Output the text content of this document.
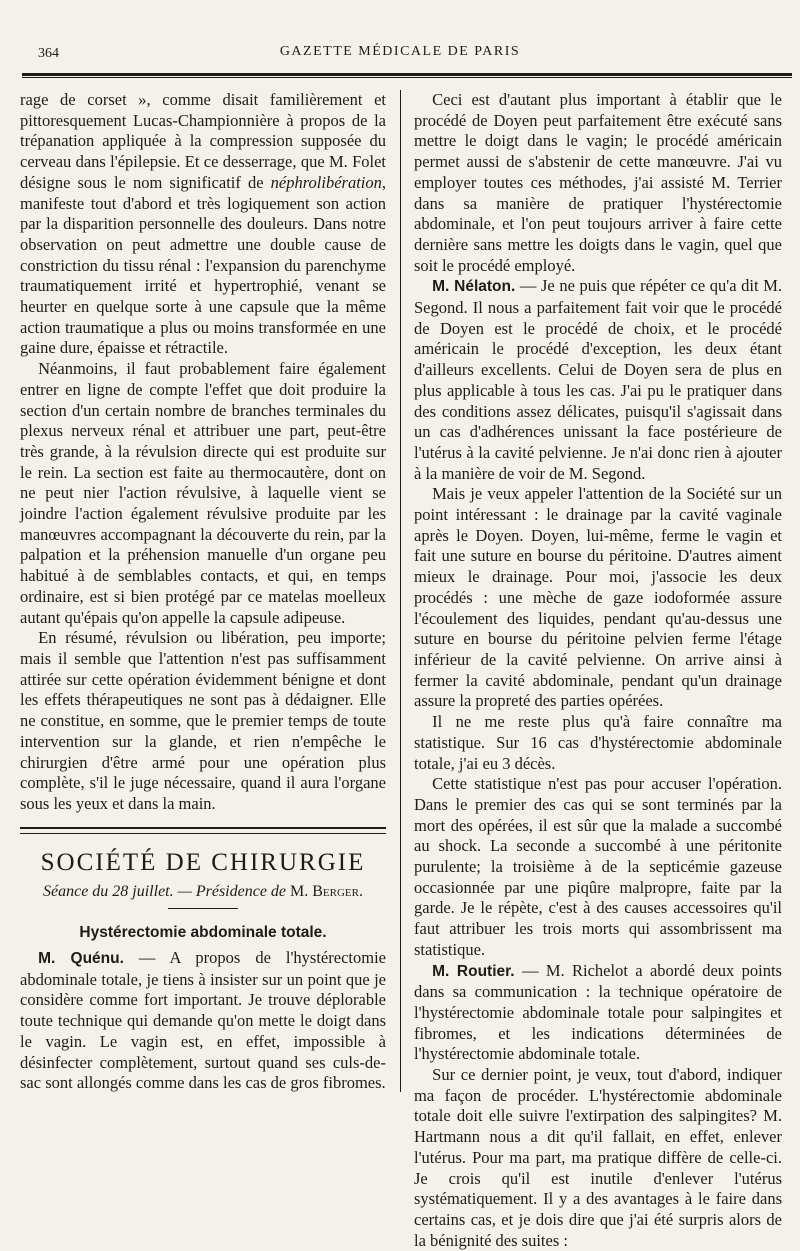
364	GAZETTE MÉDICALE DE PARIS

rage de corset », comme disait familièrement et pittoresquement Lucas-Championnière à propos de la trépanation appliquée à la compression supposée du cerveau dans l'épilepsie. Et ce desserrage, que M. Folet désigne sous le nom significatif de néphrolibération, manifeste tout d'abord et très logiquement son action par la disparition personnelle des douleurs. Dans notre observation on peut admettre une double cause de constriction du tissu rénal : l'expansion du parenchyme traumatiquement irrité et hypertrophié, venant se heurter en quelque sorte à une capsule que la même action traumatique a plus ou moins transformée en une gaine dure, épaisse et rétractile.

Néanmoins, il faut probablement faire également entrer en ligne de compte l'effet que doit produire la section d'un certain nombre de branches terminales du plexus nerveux rénal et attribuer une part, peut-être très grande, à la révulsion directe qui est produite sur le rein. La section est faite au thermocautère, dont on ne peut nier l'action révulsive, à laquelle vient se joindre l'action également révulsive produite par les manœuvres accompagnant la découverte du rein, par la palpation et la préhension manuelle d'un organe peu habitué à de semblables contacts, et qui, en temps ordinaire, est si bien protégé par ce matelas moelleux autant qu'épais qu'on appelle la capsule adipeuse.

En résumé, révulsion ou libération, peu importe; mais il semble que l'attention n'est pas suffisamment attirée sur cette opération évidemment bénigne et dont les effets thérapeutiques ne sont pas à dédaigner. Elle ne constitue, en somme, que le premier temps de toute intervention sur la glande, et rien n'empêche le chirurgien d'être armé pour une opération plus complète, s'il le juge nécessaire, quand il aura l'organe sous les yeux et dans la main.

SOCIÉTÉ DE CHIRURGIE
Séance du 28 juillet. — Présidence de M. Berger.
Hystérectomie abdominale totale.

M. Quénu. — A propos de l'hystérectomie abdominale totale, je tiens à insister sur un point que je considère comme fort important. Je trouve déplorable toute technique qui demande qu'on mette le doigt dans le vagin. Le vagin est, en effet, impossible à désinfecter complètement, surtout quand ses culs-de-sac sont allongés comme dans les cas de gros fibromes.

Ceci est d'autant plus important à établir que le procédé de Doyen peut parfaitement être exécuté sans mettre le doigt dans le vagin; le procédé américain permet aussi de s'abstenir de cette manœuvre. J'ai vu employer toutes ces méthodes, j'ai assisté M. Terrier dans sa manière de pratiquer l'hystérectomie abdominale, et l'on peut toujours arriver à faire cette dernière sans mettre les doigts dans le vagin, quel que soit le procédé employé.

M. Nélaton. — Je ne puis que répéter ce qu'a dit M. Segond. Il nous a parfaitement fait voir que le procédé de Doyen est le procédé de choix, et le procédé américain le procédé d'exception, les deux étant d'ailleurs excellents. Celui de Doyen sera de plus en plus applicable à tous les cas. J'ai pu le pratiquer dans des conditions assez délicates, puisqu'il s'agissait dans un cas d'adhérences unissant la face postérieure de l'utérus à la cavité pelvienne. Je n'ai donc rien à ajouter à la manière de voir de M. Segond.

Mais je veux appeler l'attention de la Société sur un point intéressant : le drainage par la cavité vaginale après le Doyen. Doyen, lui-même, ferme le vagin et fait une suture en bourse du péritoine. D'autres aiment mieux le drainage. Pour moi, j'associe les deux procédés : une mèche de gaze iodoformée assure l'écoulement des liquides, pendant qu'au-dessus une suture en bourse du péritoine pelvien ferme l'étage inférieur de la cavité pelvienne. On arrive ainsi à fermer la cavité abdominale, pendant qu'un drainage assure la propreté des parties opérées.

Il ne me reste plus qu'à faire connaître ma statistique. Sur 16 cas d'hystérectomie abdominale totale, j'ai eu 3 décès.

Cette statistique n'est pas pour accuser l'opération. Dans le premier des cas qui se sont terminés par la mort des opérées, il est sûr que la malade a succombé au shock. La seconde a succombé à une péritonite purulente; la troisième à de la septicémie gazeuse occasionnée par une piqûre malpropre, faite par la garde. Je le répète, c'est à des causes accessoires qu'il faut attribuer les trois morts qui assombrissent ma statistique.

M. Routier. — M. Richelot a abordé deux points dans sa communication : la technique opératoire de l'hystérectomie abdominale totale pour salpingites et fibromes, et les indications déterminées de l'hystérectomie abdominale totale.

Sur ce dernier point, je veux, tout d'abord, indiquer ma façon de procéder. L'hystérectomie abdominale totale doit elle suivre l'extirpation des salpingites? M. Hartmann nous a dit qu'il fallait, en effet, enlever l'utérus. Pour ma part, ma pratique diffère de celle-ci. Je crois qu'il est inutile d'enlever l'utérus systématiquement. Il y a des avantages à le faire dans certains cas, et je dois dire que j'ai été surpris alors de la bénignité des suites :
